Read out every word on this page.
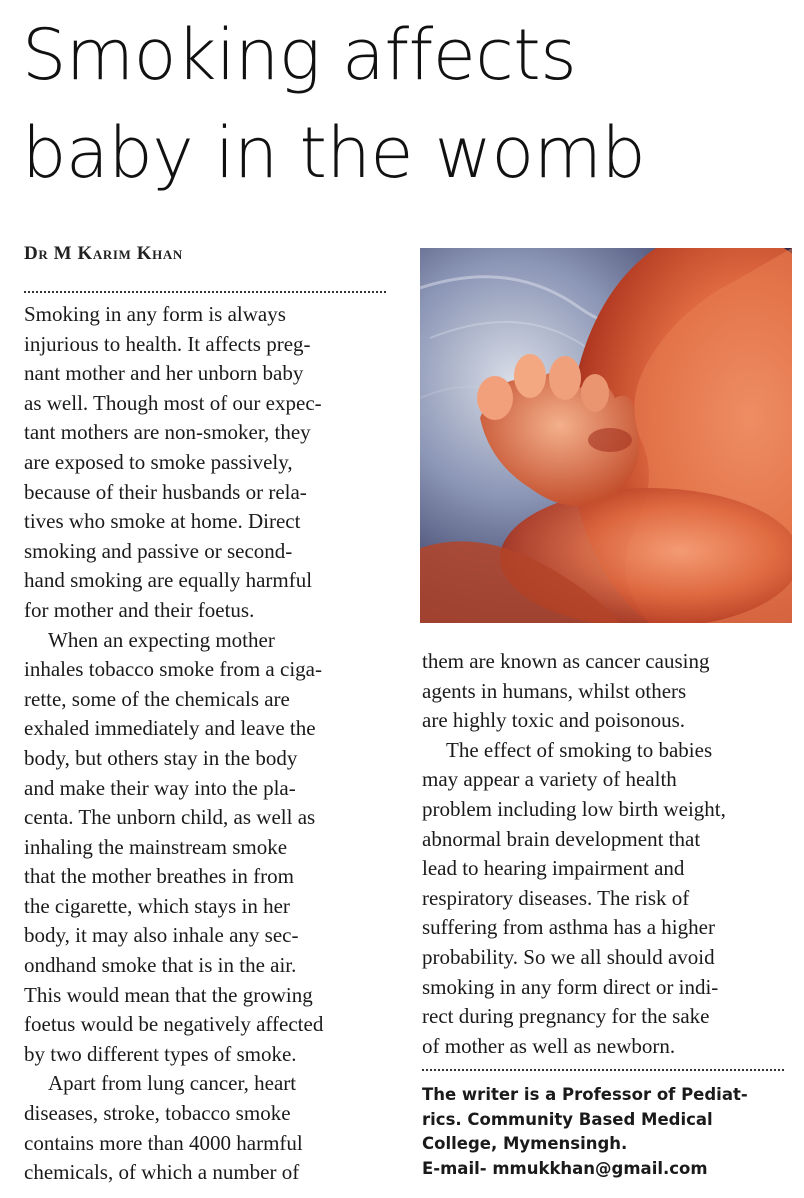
Smoking affects
baby in the womb
Dr M Karim Khan
Smoking in any form is always
injurious to health. It affects preg-
nant mother and her unborn baby
as well. Though most of our expec-
tant mothers are non-smoker, they
are exposed to smoke passively,
because of their husbands or rela-
tives who smoke at home. Direct
smoking and passive or second-
hand smoking are equally harmful
for mother and their foetus.
When an expecting mother
inhales tobacco smoke from a ciga-
rette, some of the chemicals are
exhaled immediately and leave the
body, but others stay in the body
and make their way into the pla-
centa. The unborn child, as well as
inhaling the mainstream smoke
that the mother breathes in from
the cigarette, which stays in her
body, it may also inhale any sec-
ondhand smoke that is in the air.
This would mean that the growing
foetus would be negatively affected
by two different types of smoke.
Apart from lung cancer, heart
diseases, stroke, tobacco smoke
contains more than 4000 harmful
chemicals, of which a number of
them are known as cancer causing
agents in humans, whilst others
are highly toxic and poisonous.
The effect of smoking to babies
may appear a variety of health
problem including low birth weight,
abnormal brain development that
lead to hearing impairment and
respiratory diseases. The risk of
suffering from asthma has a higher
probability. So we all should avoid
smoking in any form direct or indi-
rect during pregnancy for the sake
of mother as well as newborn.
The writer is a Professor of Pediat-
rics. Community Based Medical
College, Mymensingh.
E-mail- mmukkhan@gmail.com
